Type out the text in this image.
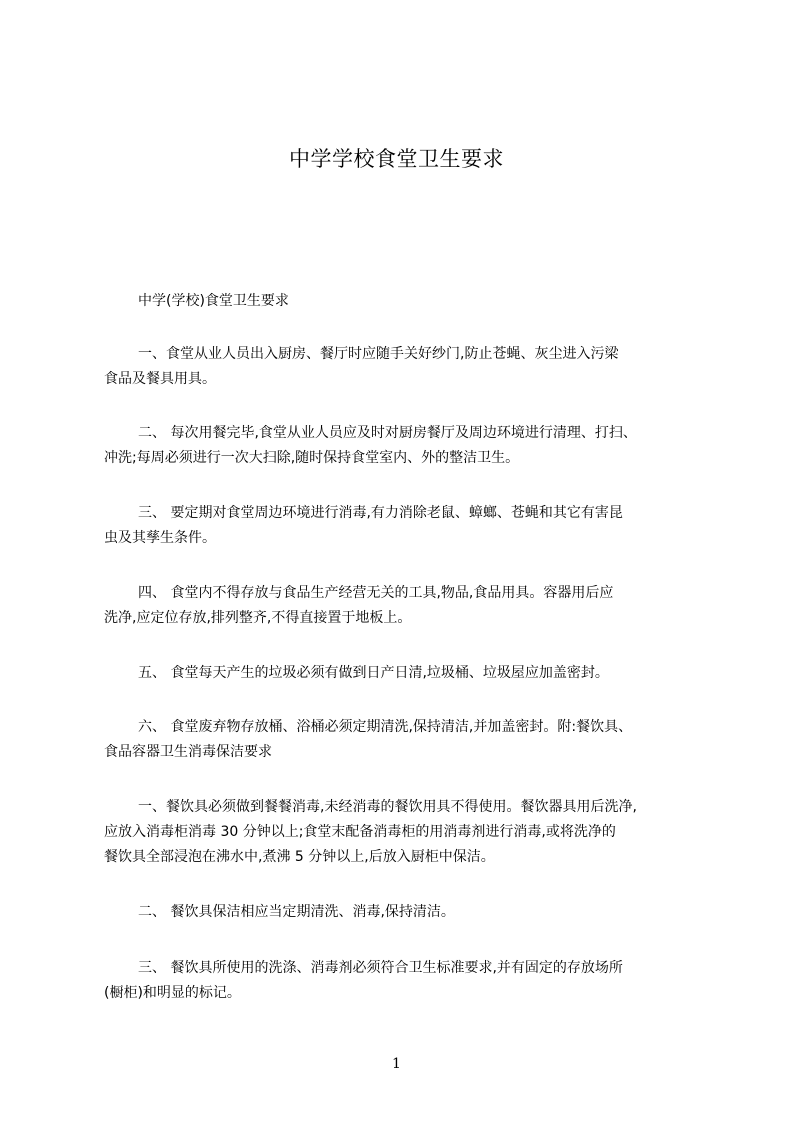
中学学校食堂卫生要求
中学(学校)食堂卫生要求
一、食堂从业人员出入厨房、餐厅时应随手关好纱门,防止苍蝇、灰尘进入污梁
食品及餐具用具。
二、 每次用餐完毕,食堂从业人员应及时对厨房餐厅及周边环境进行清理、打扫、
冲洗;每周必须进行一次大扫除,随时保持食堂室内、外的整洁卫生。
三、 要定期对食堂周边环境进行消毒,有力消除老鼠、蟑螂、苍蝇和其它有害昆
虫及其孳生条件。
四、 食堂内不得存放与食品生产经营无关的工具,物品,食品用具。容器用后应
洗净,应定位存放,排列整齐,不得直接置于地板上。
五、 食堂每天产生的垃圾必须有做到日产日清,垃圾桶、垃圾屋应加盖密封。
六、 食堂废弃物存放桶、浴桶必须定期清洗,保持清洁,并加盖密封。附:餐饮具、
食品容器卫生消毒保洁要求
一、餐饮具必须做到餐餐消毒,未经消毒的餐饮用具不得使用。餐饮器具用后洗净,
应放入消毒柜消毒 30 分钟以上;食堂末配备消毒柜的用消毒剂进行消毒,或将洗净的
餐饮具全部浸泡在沸水中,煮沸 5 分钟以上,后放入厨柜中保洁。
二、 餐饮具保洁相应当定期清洗、消毒,保持清洁。
三、 餐饮具所使用的洗涤、消毒剂必须符合卫生标准要求,并有固定的存放场所
(橱柜)和明显的标记。
1
